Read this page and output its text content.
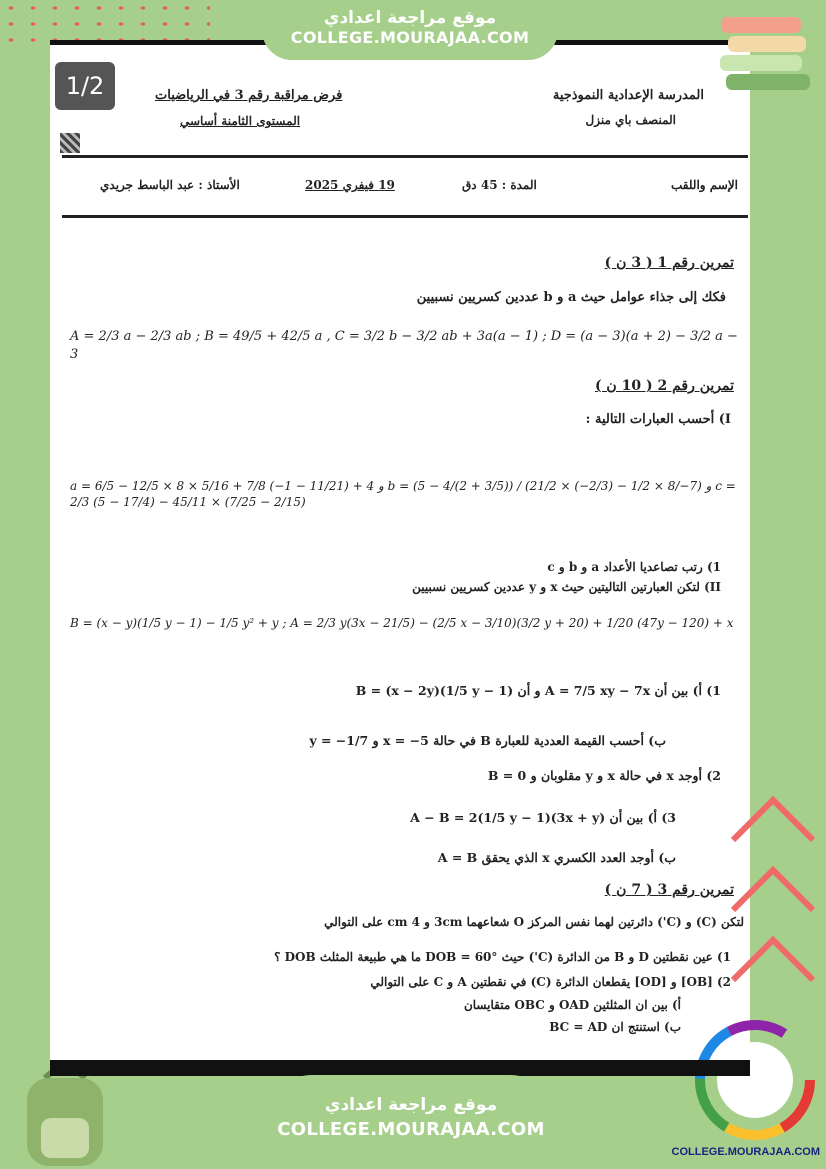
موقع مراجعة اعدادي
COLLEGE.MOURAJAA.COM
1/2	المدرسة الإعدادية النموذجية
المنصف باي منزل
فرض مراقبة رقم 3 في الرياضيات
المستوى الثامنة أساسي
الإسم واللقب
المدة : 45 دق
19 فيفري 2025
الأستاذ : عبد الباسط جريدي
تمرين رقم 1 ( 3 ن )
فكك إلى جذاء عوامل حيث a و b عددين كسريين نسبيين
A = 2/3 a − 2/3 ab ; B = 49/5 + 42/5 a , C = 3/2 b − 3/2 ab + 3a(a − 1) ; D = (a − 3)(a + 2) − 3/2 a − 3
تمرين رقم 2 ( 10 ن )
I) أحسب العبارات التالية :
a = 6/5 − 12/5 × 8 × 5/16 + 7/8 (−1 − 11/21) + 4 و b = (5 − 4/(2 + 3/5)) / (21/2 × (−2/3) − 1/2 × 8/−7) و c = 2/3 (5 − 17/4) − 45/11 × (7/25 − 2/15)
1) رتب تصاعديا الأعداد a و b و c
II) لتكن العبارتين التاليتين حيث x و y عددين كسريين نسبيين
B = (x − y)(1/5 y − 1) − 1/5 y² + y ; A = 2/3 y(3x − 21/5) − (2/5 x − 3/10)(3/2 y + 20) + 1/20 (47y − 120) + x
1) أ) بين أن A = 7/5 xy − 7x و أن B = (x − 2y)(1/5 y − 1)
ب) أحسب القيمة العددية للعبارة B في حالة x = −5 و y = −1/7
2) أوجد x في حالة x و y مقلوبان و B = 0
3) أ) بين أن A − B = 2(1/5 y − 1)(3x + y)
ب) أوجد العدد الكسري x الذي يحقق A = B
تمرين رقم 3 ( 7 ن )
لتكن (C) و (C') دائرتين لهما نفس المركز O شعاعهما 3cm و 4 cm على التوالي
1) عين نقطتين D و B من الدائرة (C') حيث DOB = 60° ما هي طبيعة المثلث DOB ؟
2) [OB] و [OD] يقطعان الدائرة (C) في نقطتين A و C على التوالي
أ) بين ان المثلثين OAD و OBC متقايسان
ب) استنتج ان BC = AD
موقع مراجعة اعدادي
COLLEGE.MOURAJAA.COM
COLLEGE.MOURAJAA.COM
